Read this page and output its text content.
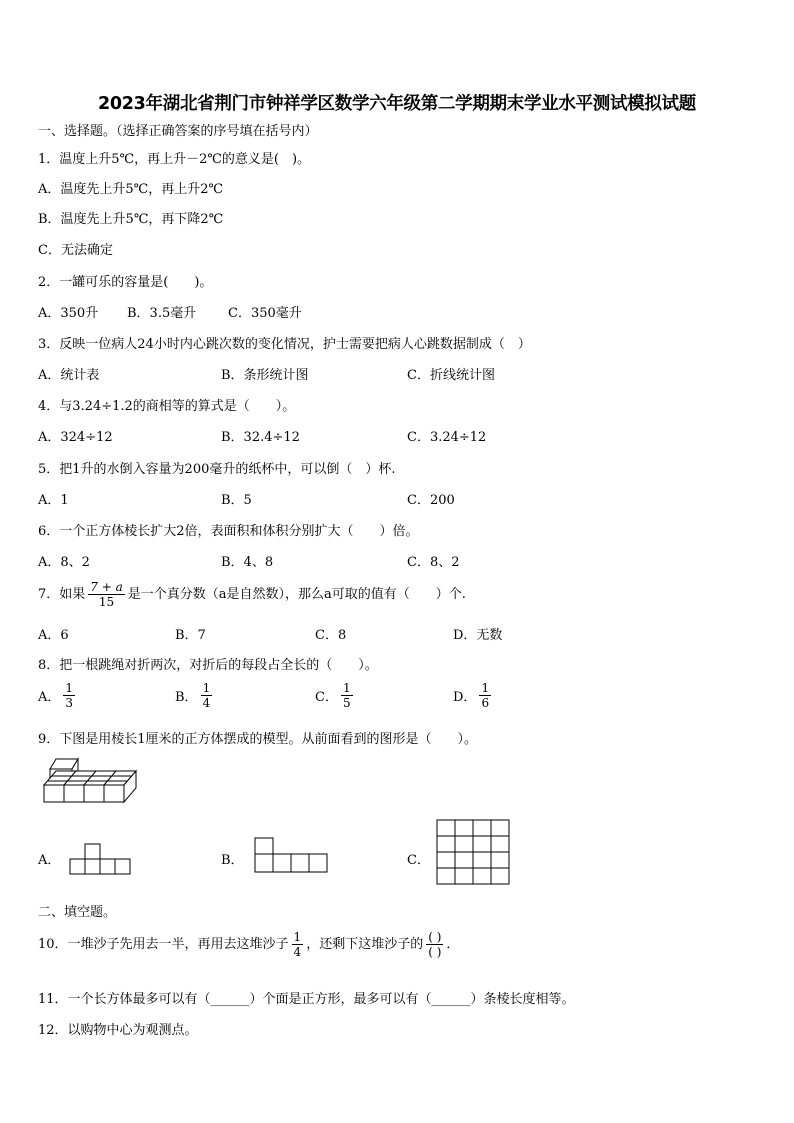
2023年湖北省荆门市钟祥学区数学六年级第二学期期末学业水平测试模拟试题
一、选择题。（选择正确答案的序号填在括号内）
1．温度上升5℃，再上升－2℃的意义是(　)。
A．温度先上升5℃，再上升2℃
B．温度先上升5℃，再下降2℃
C．无法确定
2．一罐可乐的容量是(　　)。
A．350升 B．3.5毫升 C．350毫升
3．反映一位病人24小时内心跳次数的变化情况，护士需要把病人心跳数据制成（　）
A．统计表	B．条形统计图	C．折线统计图
4．与3.24÷1.2的商相等的算式是（　　）。
A．324÷12	B．32.4÷12	C．3.24÷12
5．把1升的水倒入容量为200毫升的纸杯中，可以倒（　）杯.
A．1	B．5	C．200
6．一个正方体棱长扩大2倍，表面积和体积分别扩大（　　）倍。
A．8、2	B．4、8	C．8、2
7．如果 $\frac{7 + a}{15}$ 是一个真分数（a是自然数），那么a可取的值有（　　）个.
A．6	B．7	C．8	D．无数
8．把一根跳绳对折两次，对折后的每段占全长的（　　）。
A． $\frac{1}{3}$	B． $\frac{1}{4}$	C． $\frac{1}{5}$	D． $\frac{1}{6}$
9．下图是用棱长1厘米的正方体摆成的模型。从前面看到的图形是（　　）。
A．	B．	C．
二、填空题。
10．一堆沙子先用去一半，再用去这堆沙子 $\frac{1}{4}$ ，还剩下这堆沙子的 $\frac{( )}{( )}$ ．
11．一个长方体最多可以有（______）个面是正方形，最多可以有（______）条棱长度相等。
12．以购物中心为观测点。
